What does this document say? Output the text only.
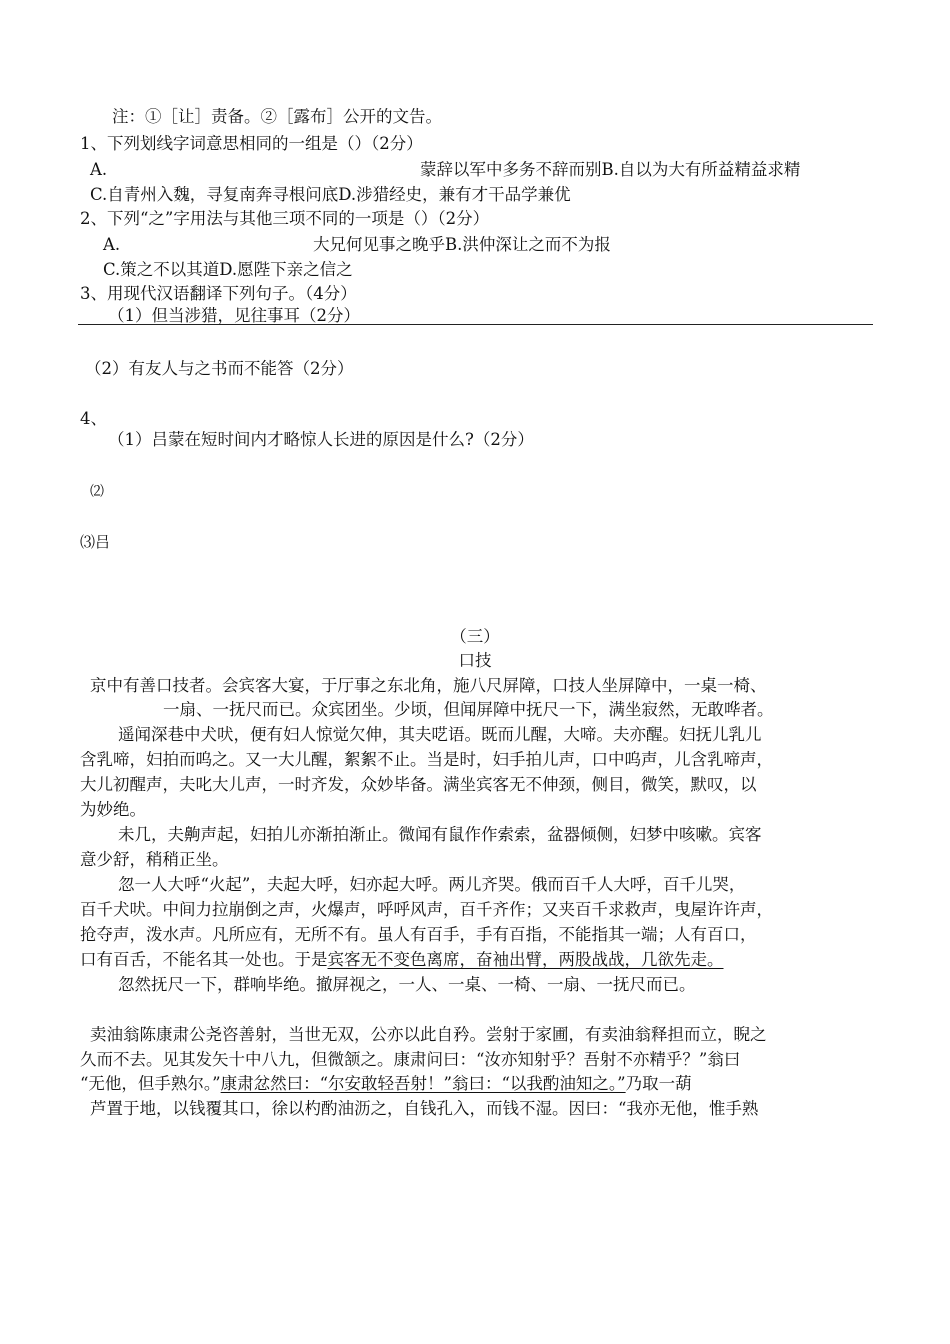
注：①［让］责备。②［露布］公开的文告。
1、下列划线字词意思相同的一组是（）（2分）
A.	蒙辞以军中多务不辞而别B.自以为大有所益精益求精
C.自青州入魏，寻复南奔寻根问底D.涉猎经史，兼有才干品学兼优
2、下列“之”字用法与其他三项不同的一项是（）（2分）
A.	大兄何见事之晚乎B.洪仲深让之而不为报
C.策之不以其道D.愿陛下亲之信之
3、用现代汉语翻译下列句子。（4分）
（1）但当涉猎，见往事耳（2分）
（2）有友人与之书而不能答（2分）
4、
（1）吕蒙在短时间内才略惊人长进的原因是什么?（2分）
⑵
⑶吕
（三）
口技
京中有善口技者。会宾客大宴，于厅事之东北角，施八尺屏障，口技人坐屏障中，一桌一椅、
一扇、一抚尺而已。众宾团坐。少顷，但闻屏障中抚尺一下，满坐寂然，无敢哗者。
遥闻深巷中犬吠，便有妇人惊觉欠伸，其夫呓语。既而儿醒，大啼。夫亦醒。妇抚儿乳儿
含乳啼，妇拍而呜之。又一大儿醒，絮絮不止。当是时，妇手拍儿声，口中呜声，儿含乳啼声，
大儿初醒声，夫叱大儿声，一时齐发，众妙毕备。满坐宾客无不伸颈，侧目，微笑，默叹，以
为妙绝。
未几，夫齁声起，妇拍儿亦渐拍渐止。微闻有鼠作作索索，盆器倾侧，妇梦中咳嗽。宾客
意少舒，稍稍正坐。
忽一人大呼“火起”，夫起大呼，妇亦起大呼。两儿齐哭。俄而百千人大呼，百千儿哭，
百千犬吠。中间力拉崩倒之声，火爆声，呼呼风声，百千齐作；又夹百千求救声，曳屋许许声，
抢夺声，泼水声。凡所应有，无所不有。虽人有百手，手有百指，不能指其一端；人有百口，
口有百舌，不能名其一处也。于是宾客无不变色离席，奋袖出臂，两股战战，几欲先走。
忽然抚尺一下，群响毕绝。撤屏视之，一人、一桌、一椅、一扇、一抚尺而已。
卖油翁陈康肃公尧咨善射，当世无双，公亦以此自矜。尝射于家圃，有卖油翁释担而立，睨之
久而不去。见其发矢十中八九，但微颔之。康肃问曰：“汝亦知射乎？吾射不亦精乎？”翁曰
“无他，但手熟尔。”康肃忿然曰：“尔安敢轻吾射！”翁曰：“以我酌油知之。”乃取一葫
芦置于地，以钱覆其口，徐以杓酌油沥之，自钱孔入，而钱不湿。因曰：“我亦无他，惟手熟
